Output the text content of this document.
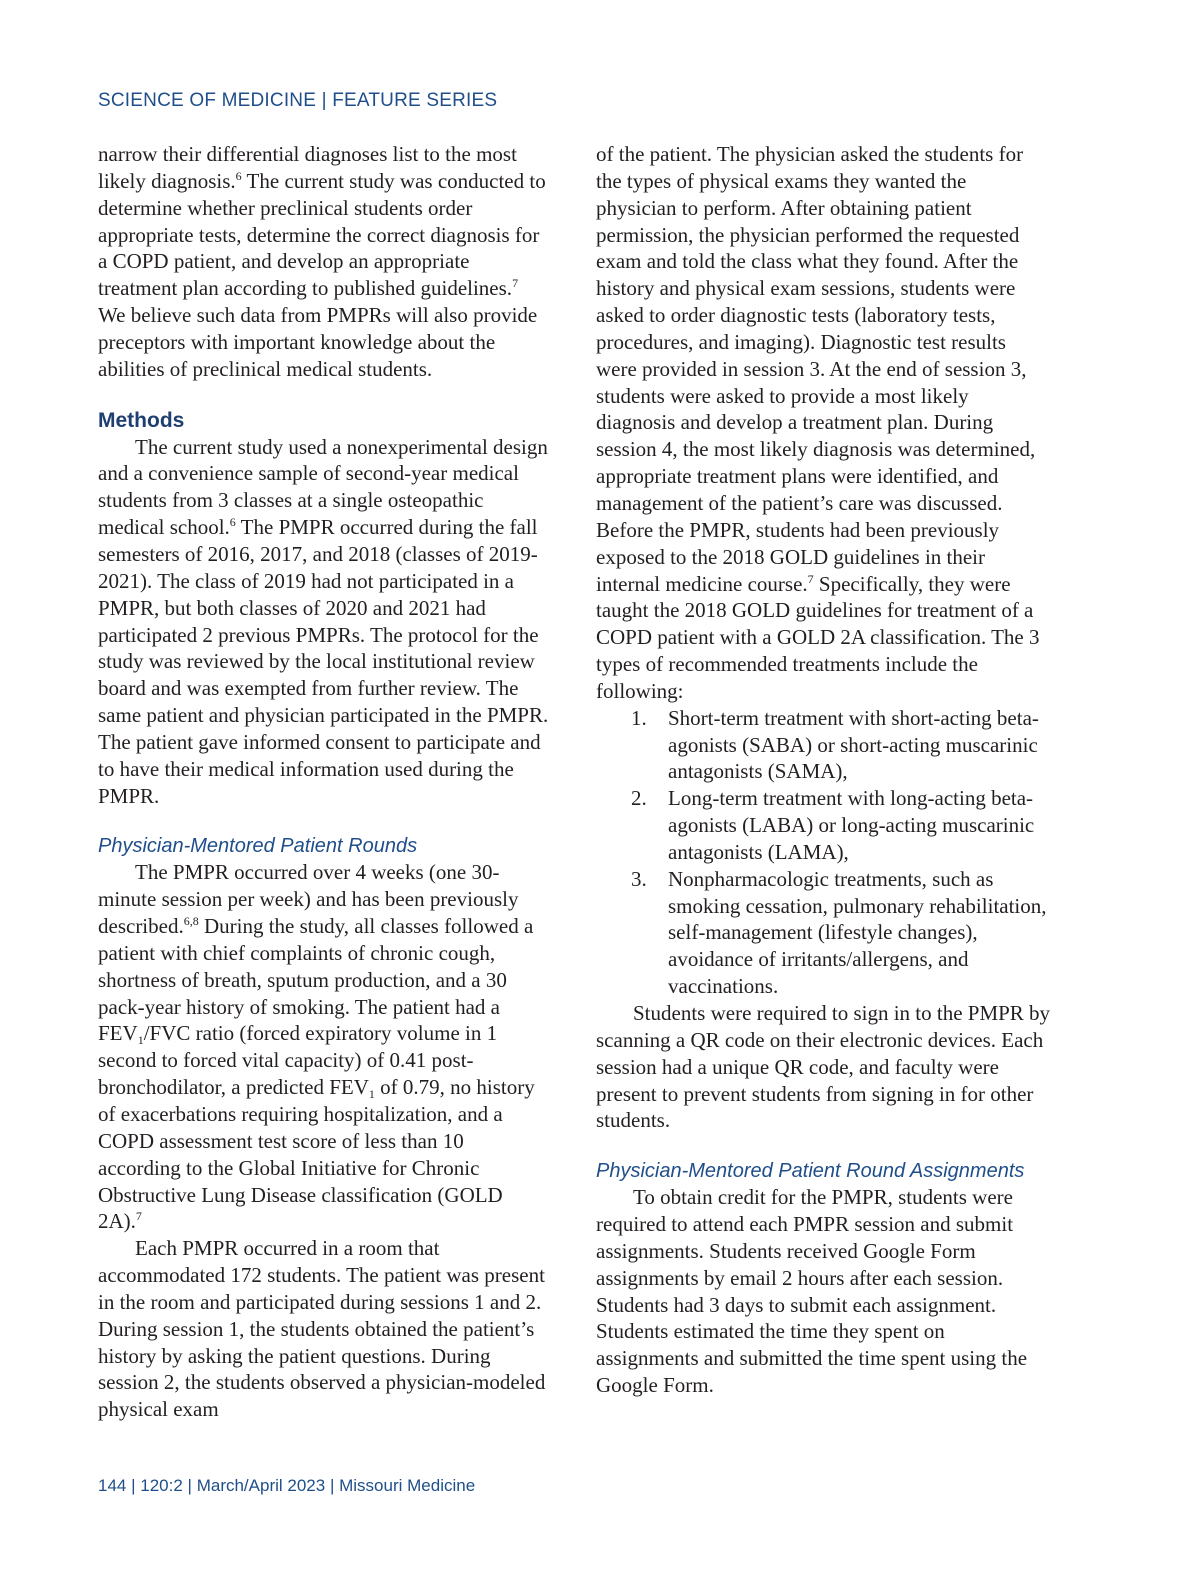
SCIENCE OF MEDICINE | FEATURE SERIES

narrow their differential diagnoses list to the most likely diagnosis.$^6$ The current study was conducted to determine whether preclinical students order appropriate tests, determine the correct diagnosis for a COPD patient, and develop an appropriate treatment plan according to published guidelines.$^7$ We believe such data from PMPRs will also provide preceptors with important knowledge about the abilities of preclinical medical students.

Methods

The current study used a nonexperimental design and a convenience sample of second-year medical students from 3 classes at a single osteopathic medical school.$^6$ The PMPR occurred during the fall semesters of 2016, 2017, and 2018 (classes of 2019-2021). The class of 2019 had not participated in a PMPR, but both classes of 2020 and 2021 had participated 2 previous PMPRs. The protocol for the study was reviewed by the local institutional review board and was exempted from further review. The same patient and physician participated in the PMPR. The patient gave informed consent to participate and to have their medical information used during the PMPR.

Physician-Mentored Patient Rounds

The PMPR occurred over 4 weeks (one 30-minute session per week) and has been previously described.$^{6,8}$ During the study, all classes followed a patient with chief complaints of chronic cough, shortness of breath, sputum production, and a 30 pack-year history of smoking. The patient had a $FEV_1$/FVC ratio (forced expiratory volume in 1 second to forced vital capacity) of 0.41 post-bronchodilator, a predicted $FEV_1$ of 0.79, no history of exacerbations requiring hospitalization, and a COPD assessment test score of less than 10 according to the Global Initiative for Chronic Obstructive Lung Disease classification (GOLD 2A).$^7$

Each PMPR occurred in a room that accommodated 172 students. The patient was present in the room and participated during sessions 1 and 2. During session 1, the students obtained the patient’s history by asking the patient questions. During session 2, the students observed a physician-modeled physical exam

of the patient. The physician asked the students for the types of physical exams they wanted the physician to perform. After obtaining patient permission, the physician performed the requested exam and told the class what they found. After the history and physical exam sessions, students were asked to order diagnostic tests (laboratory tests, procedures, and imaging). Diagnostic test results were provided in session 3. At the end of session 3, students were asked to provide a most likely diagnosis and develop a treatment plan. During session 4, the most likely diagnosis was determined, appropriate treatment plans were identified, and management of the patient’s care was discussed. Before the PMPR, students had been previously exposed to the 2018 GOLD guidelines in their internal medicine course.$^7$ Specifically, they were taught the 2018 GOLD guidelines for treatment of a COPD patient with a GOLD 2A classification. The 3 types of recommended treatments include the following:

1. Short-term treatment with short-acting beta-agonists (SABA) or short-acting muscarinic antagonists (SAMA),
2. Long-term treatment with long-acting beta-agonists (LABA) or long-acting muscarinic antagonists (LAMA),
3. Nonpharmacologic treatments, such as smoking cessation, pulmonary rehabilitation, self-management (lifestyle changes), avoidance of irritants/allergens, and vaccinations.

Students were required to sign in to the PMPR by scanning a QR code on their electronic devices. Each session had a unique QR code, and faculty were present to prevent students from signing in for other students.

Physician-Mentored Patient Round Assignments

To obtain credit for the PMPR, students were required to attend each PMPR session and submit assignments. Students received Google Form assignments by email 2 hours after each session. Students had 3 days to submit each assignment. Students estimated the time they spent on assignments and submitted the time spent using the Google Form.

144 | 120:2 | March/April 2023 | Missouri Medicine
